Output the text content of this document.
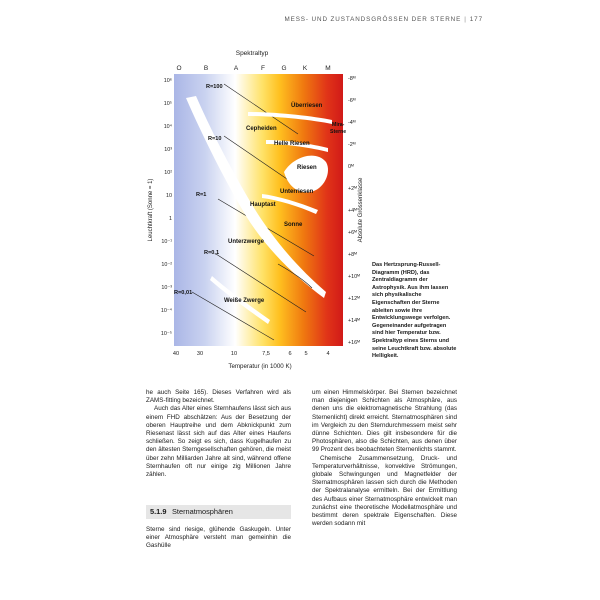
MESS- UND ZUSTANDSGRÖSSEN DER STERNE | 177
Spektraltyp
O	B	A	F	G	K	M
Leuchtkraft (Sonne = 1)
10⁶
10⁵
10⁴
10³
10²
10
1
10⁻¹
10⁻²
10⁻³
10⁻⁴
10⁻⁵
-8ᴹ
-6ᴹ
-4ᴹ
-2ᴹ
0ᴹ
+2ᴹ
+4ᴹ
+6ᴹ
+8ᴹ
+10ᴹ
+12ᴹ
+14ᴹ
+16ᴹ
Absolute Grössenklasse
40	30	10	7,5	6 5	4
Temperatur (in 1000 K)
R=100
R=10
R=1
R=0,1
R=0,01
Überriesen
Cepheiden
Mira-
Sterne
Helle Riesen
Riesen
Unterriesen
Hauptast
Sonne
Unterzwerge
Weiße Zwerge
Das Hertzsprung-Russell-Diagramm (HRD), das Zentraldiagramm der Astrophysik. Aus ihm lassen sich physikalische Eigenschaften der Sterne ableiten sowie ihre Entwicklungswege verfolgen. Gegeneinander aufgetragen sind hier Temperatur bzw. Spektraltyp eines Sterns und seine Leuchtkraft bzw. absolute Helligkeit.

he auch Seite 165). Dieses Verfahren wird als ZAMS-fitting bezeichnet.

Auch das Alter eines Sternhaufens lässt sich aus einem FHD abschätzen: Aus der Besetzung der oberen Hauptreihe und dem Abknickpunkt zum Riesenast lässt sich auf das Alter eines Haufens schließen. So zeigt es sich, dass Kugelhaufen zu den ältesten Sterngesellschaften gehören, die meist über zehn Milliarden Jahre alt sind, während offene Sternhaufen oft nur einige zig Millionen Jahre zählen.

5.1.9 Sternatmosphären

Sterne sind riesige, glühende Gaskugeln. Unter einer Atmosphäre versteht man gemeinhin die Gashülle

um einen Himmelskörper. Bei Sternen bezeichnet man diejenigen Schichten als Atmosphäre, aus denen uns die elektromagnetische Strahlung (das Sternenlicht) direkt erreicht. Sternatmosphären sind im Vergleich zu den Sterndurchmessern meist sehr dünne Schichten. Dies gilt insbesondere für die Photosphären, also die Schichten, aus denen über 99 Prozent des beobachteten Sternenlichts stammt.

Chemische Zusammensetzung, Druck- und Temperaturverhältnisse, konvektive Strömungen, globale Schwingungen und Magnetfelder der Sternatmosphären lassen sich durch die Methoden der Spektralanalyse ermitteln. Bei der Ermittlung des Aufbaus einer Sternatmosphäre entwickelt man zunächst eine theoretische Modellatmosphäre und bestimmt deren spektrale Eigenschaften. Diese werden sodann mit
